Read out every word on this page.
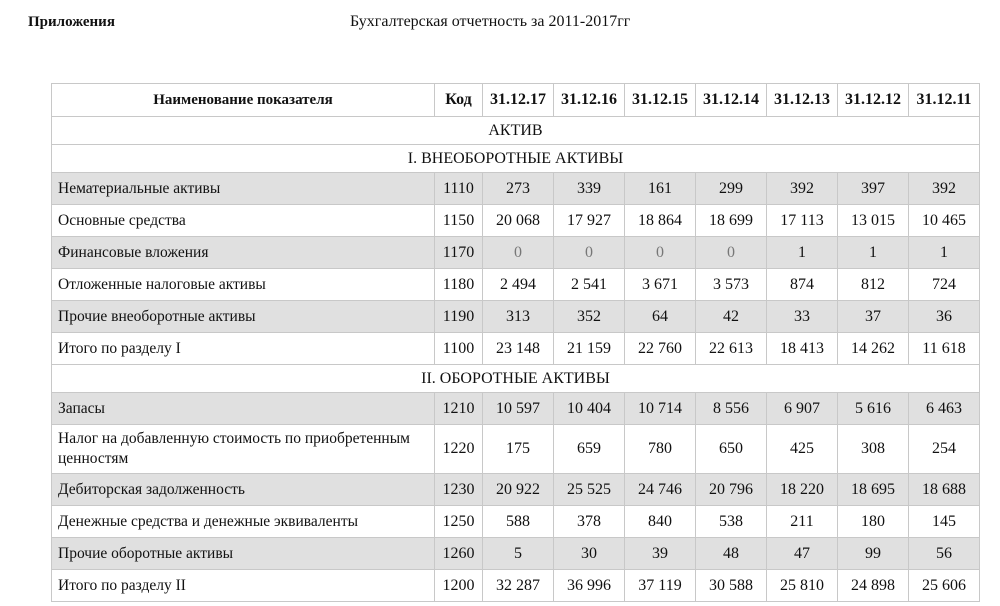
Приложения	Бухгалтерская отчетность за 2011-2017гг
Наименование показателя	Код	31.12.17	31.12.16	31.12.15	31.12.14	31.12.13	31.12.12	31.12.11
АКТИВ								
I. ВНЕОБОРОТНЫЕ АКТИВЫ								
Нематериальные активы	1110	273	339	161	299	392	397	392
Основные средства	1150	20 068	17 927	18 864	18 699	17 113	13 015	10 465
Финансовые вложения	1170	0	0	0	0	1	1	1
Отложенные налоговые активы	1180	2 494	2 541	3 671	3 573	874	812	724
Прочие внеоборотные активы	1190	313	352	64	42	33	37	36
Итого по разделу I	1100	23 148	21 159	22 760	22 613	18 413	14 262	11 618
II. ОБОРОТНЫЕ АКТИВЫ								
Запасы	1210	10 597	10 404	10 714	8 556	6 907	5 616	6 463
Налог на добавленную стоимость по приобретенным ценностям	1220	175	659	780	650	425	308	254
Дебиторская задолженность	1230	20 922	25 525	24 746	20 796	18 220	18 695	18 688
Денежные средства и денежные эквиваленты	1250	588	378	840	538	211	180	145
Прочие оборотные активы	1260	5	30	39	48	47	99	56
Итого по разделу II	1200	32 287	36 996	37 119	30 588	25 810	24 898	25 606
